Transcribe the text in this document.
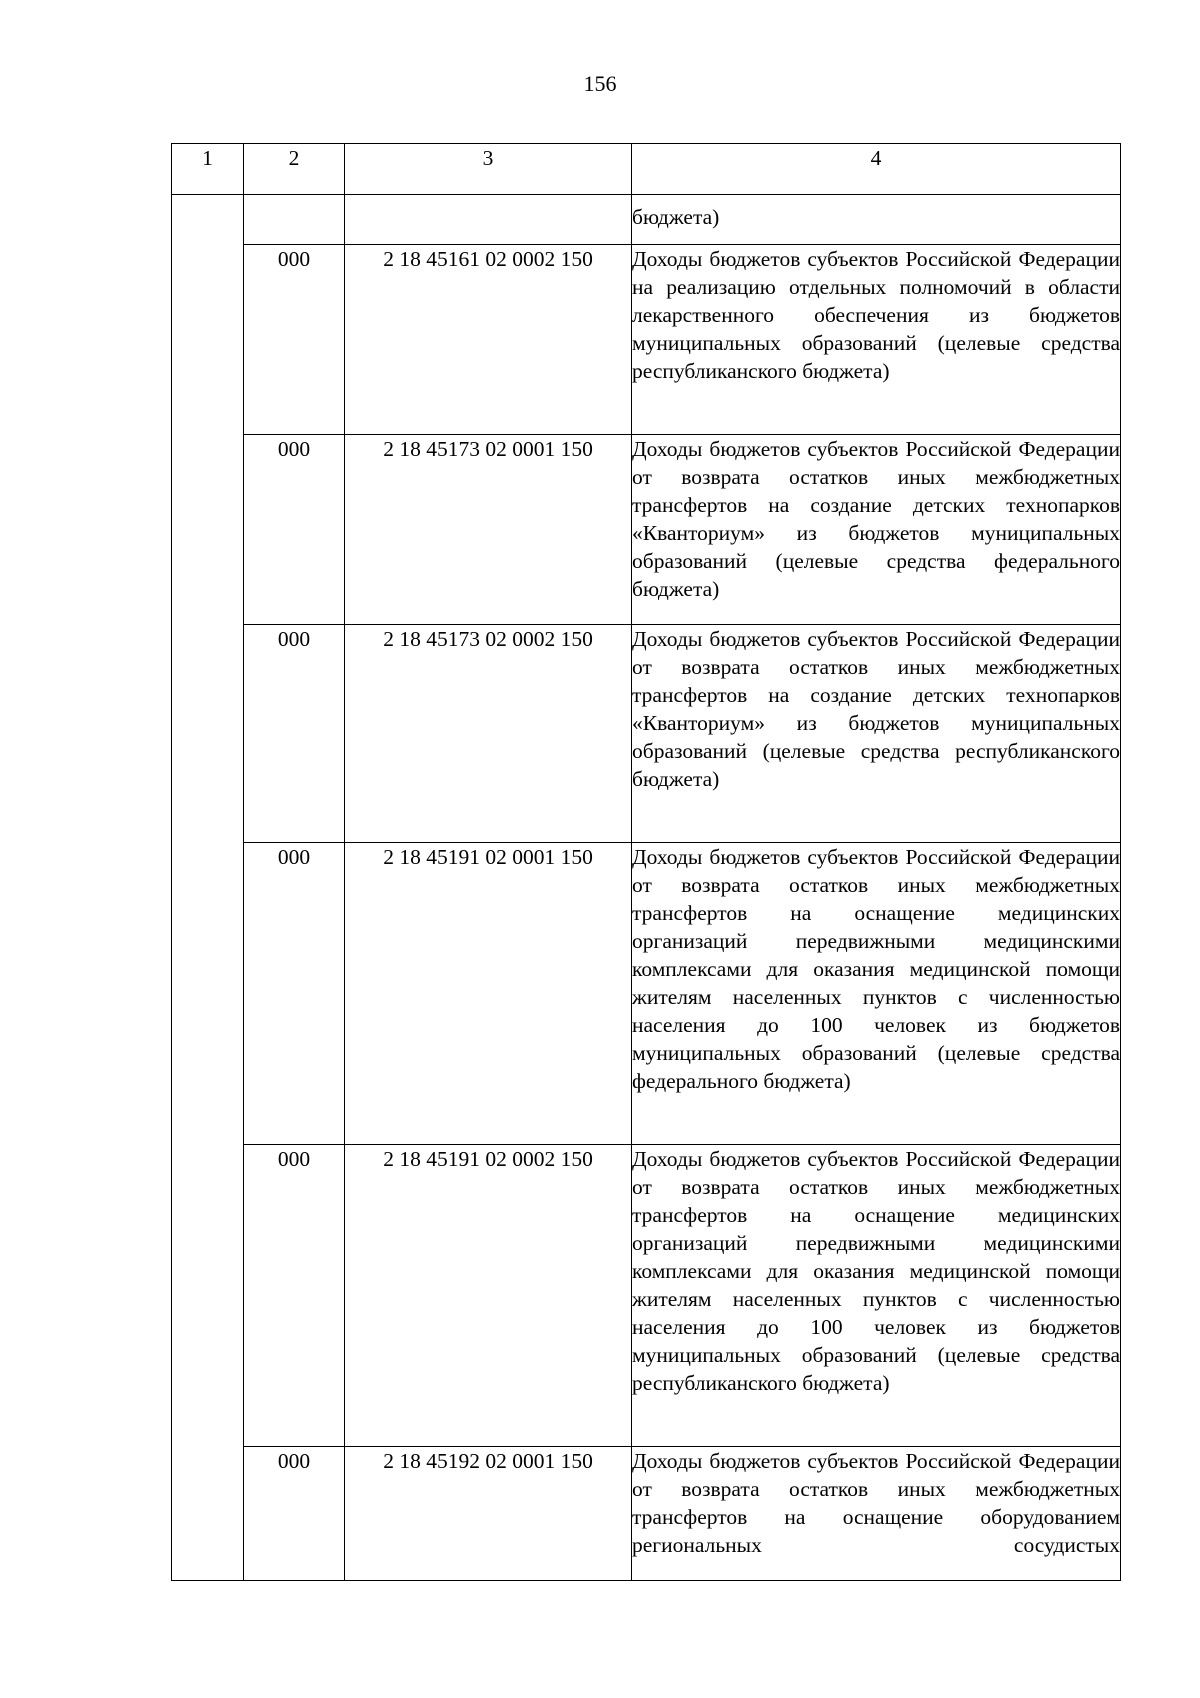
156
1	2	3	4
			бюджета)
	000	2 18 45161 02 0002 150	Доходы бюджетов субъектов Российской Федерации на реализацию отдельных полномочий в области лекарственного обеспечения из бюджетов муниципальных образований (целевые средства республиканского бюджета)
	000	2 18 45173 02 0001 150	Доходы бюджетов субъектов Российской Федерации от возврата остатков иных межбюджетных трансфертов на создание детских технопарков «Кванториум» из бюджетов муниципальных образований (целевые средства федерального бюджета)
	000	2 18 45173 02 0002 150	Доходы бюджетов субъектов Российской Федерации от возврата остатков иных межбюджетных трансфертов на создание детских технопарков «Кванториум» из бюджетов муниципальных образований (целевые средства республиканского бюджета)
	000	2 18 45191 02 0001 150	Доходы бюджетов субъектов Российской Федерации от возврата остатков иных межбюджетных трансфертов на оснащение медицинских организаций передвижными медицинскими комплексами для оказания медицинской помощи жителям населенных пунктов с численностью населения до 100 человек из бюджетов муниципальных образований (целевые средства федерального бюджета)
	000	2 18 45191 02 0002 150	Доходы бюджетов субъектов Российской Федерации от возврата остатков иных межбюджетных трансфертов на оснащение медицинских организаций передвижными медицинскими комплексами для оказания медицинской помощи жителям населенных пунктов с численностью населения до 100 человек из бюджетов муниципальных образований (целевые средства республиканского бюджета)
	000	2 18 45192 02 0001 150	Доходы бюджетов субъектов Российской Федерации от возврата остатков иных межбюджетных трансфертов на оснащение оборудованием региональных сосудистых
